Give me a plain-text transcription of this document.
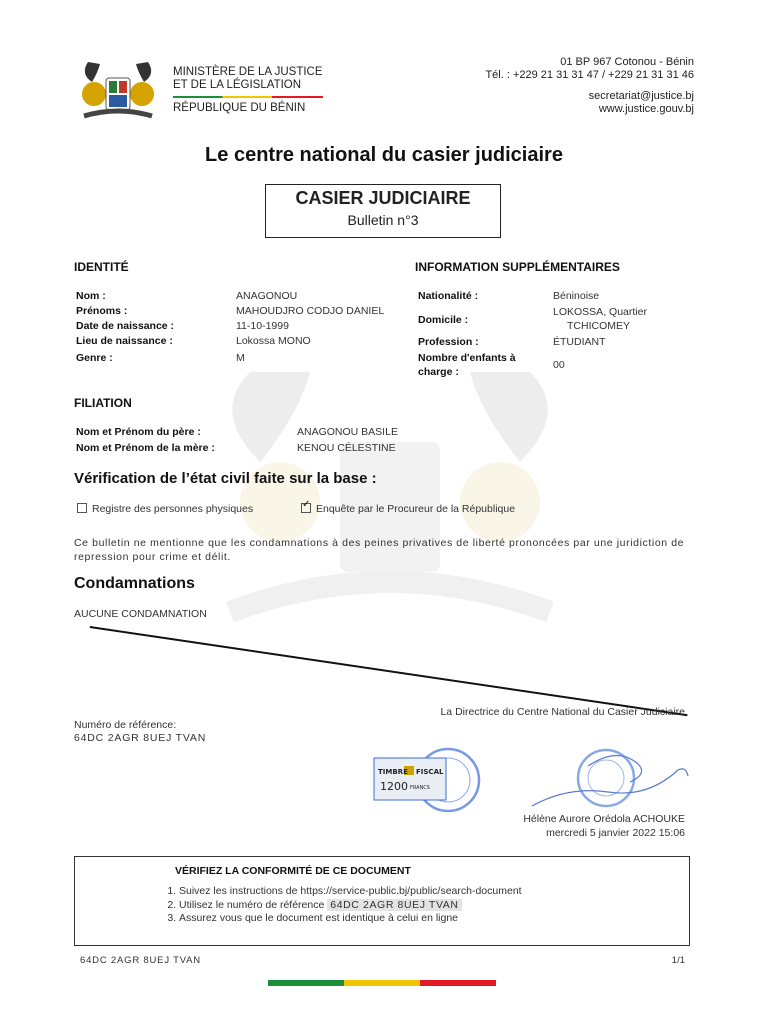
MINISTÈRE DE LA JUSTICE
ET DE LA LÉGISLATION
RÉPUBLIQUE DU BÉNIN
01 BP 967 Cotonou - Bénin
Tél. : +229 21 31 31 47 / +229 21 31 31 46
secretariat@justice.bj
www.justice.gouv.bj
Le centre national du casier judiciaire
CASIER JUDICIAIRE
Bulletin n°3
IDENTITÉ
Nom :
Prénoms :
Date de naissance :
Lieu de naissance :
Genre :
ANAGONOU
MAHOUDJRO CODJO DANIEL
11-10-1999
Lokossa MONO
M
INFORMATION SUPPLÉMENTAIRES
Nationalité :	Béninoise
Domicile :
LOKOSSA, Quartier
TCHICOMEY
Profession :	ÉTUDIANT
Nombre d'enfants à
charge :
00
FILIATION
Nom et Prénom du père :	ANAGONOU BASILE
Nom et Prénom de la mère :	KENOU CÉLESTINE
Vérification de l’état civil faite sur la base :
Registre des personnes physiques
✓	Enquête par le Procureur de la République
Ce bulletin ne mentionne que les condamnations à des peines privatives de liberté prononcées par une juridiction de repression pour crime et délit.
Condamnations
AUCUNE CONDAMNATION
La Directrice du Centre National du Casier Judiciaire
Numéro de référence:
64DC 2AGR 8UEJ TVAN
TIMBRE FISCAL
1200 FRANCS
Hélène Aurore Orédola ACHOUKE
mercredi 5 janvier 2022 15:06
VÉRIFIEZ LA CONFORMITÉ DE CE DOCUMENT
1. Suivez les instructions de https://service-public.bj/public/search-document
2. Utilisez le numéro de référence 64DC 2AGR 8UEJ TVAN
3. Assurez vous que le document est identique à celui en ligne
64DC 2AGR 8UEJ TVAN	1/1
